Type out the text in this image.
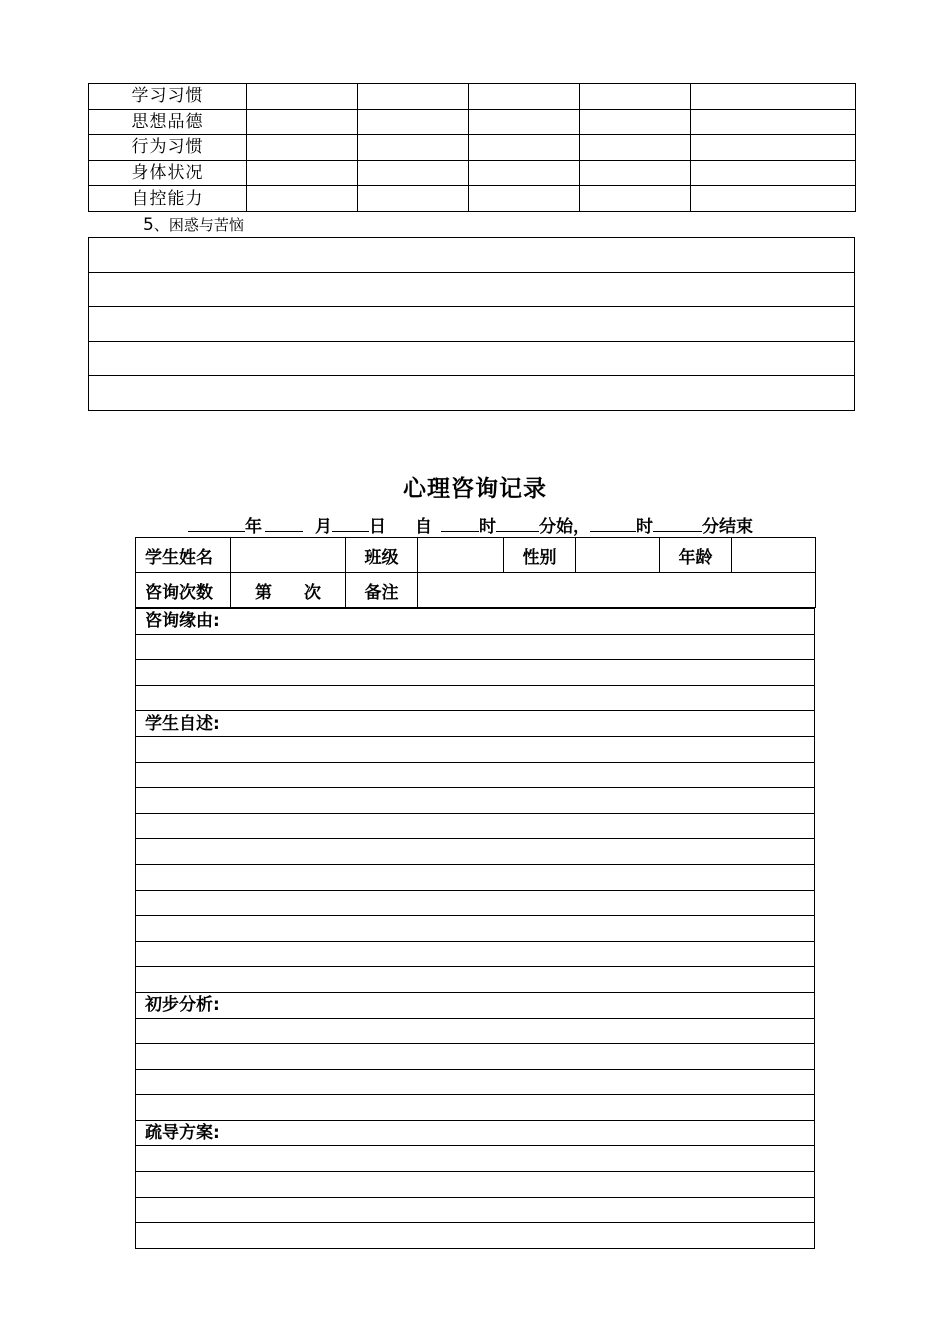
学习习惯					
思想品德					
行为习惯					
身体状况					
自控能力					
5、困惑与苦恼

心理咨询记录
年	月 日 自	时	分始，	时	分结束
学生姓名		班级		性别		年龄	
咨询次数	第 次	备注					
咨询缘由:

学生自述:

初步分析:

疏导方案:
